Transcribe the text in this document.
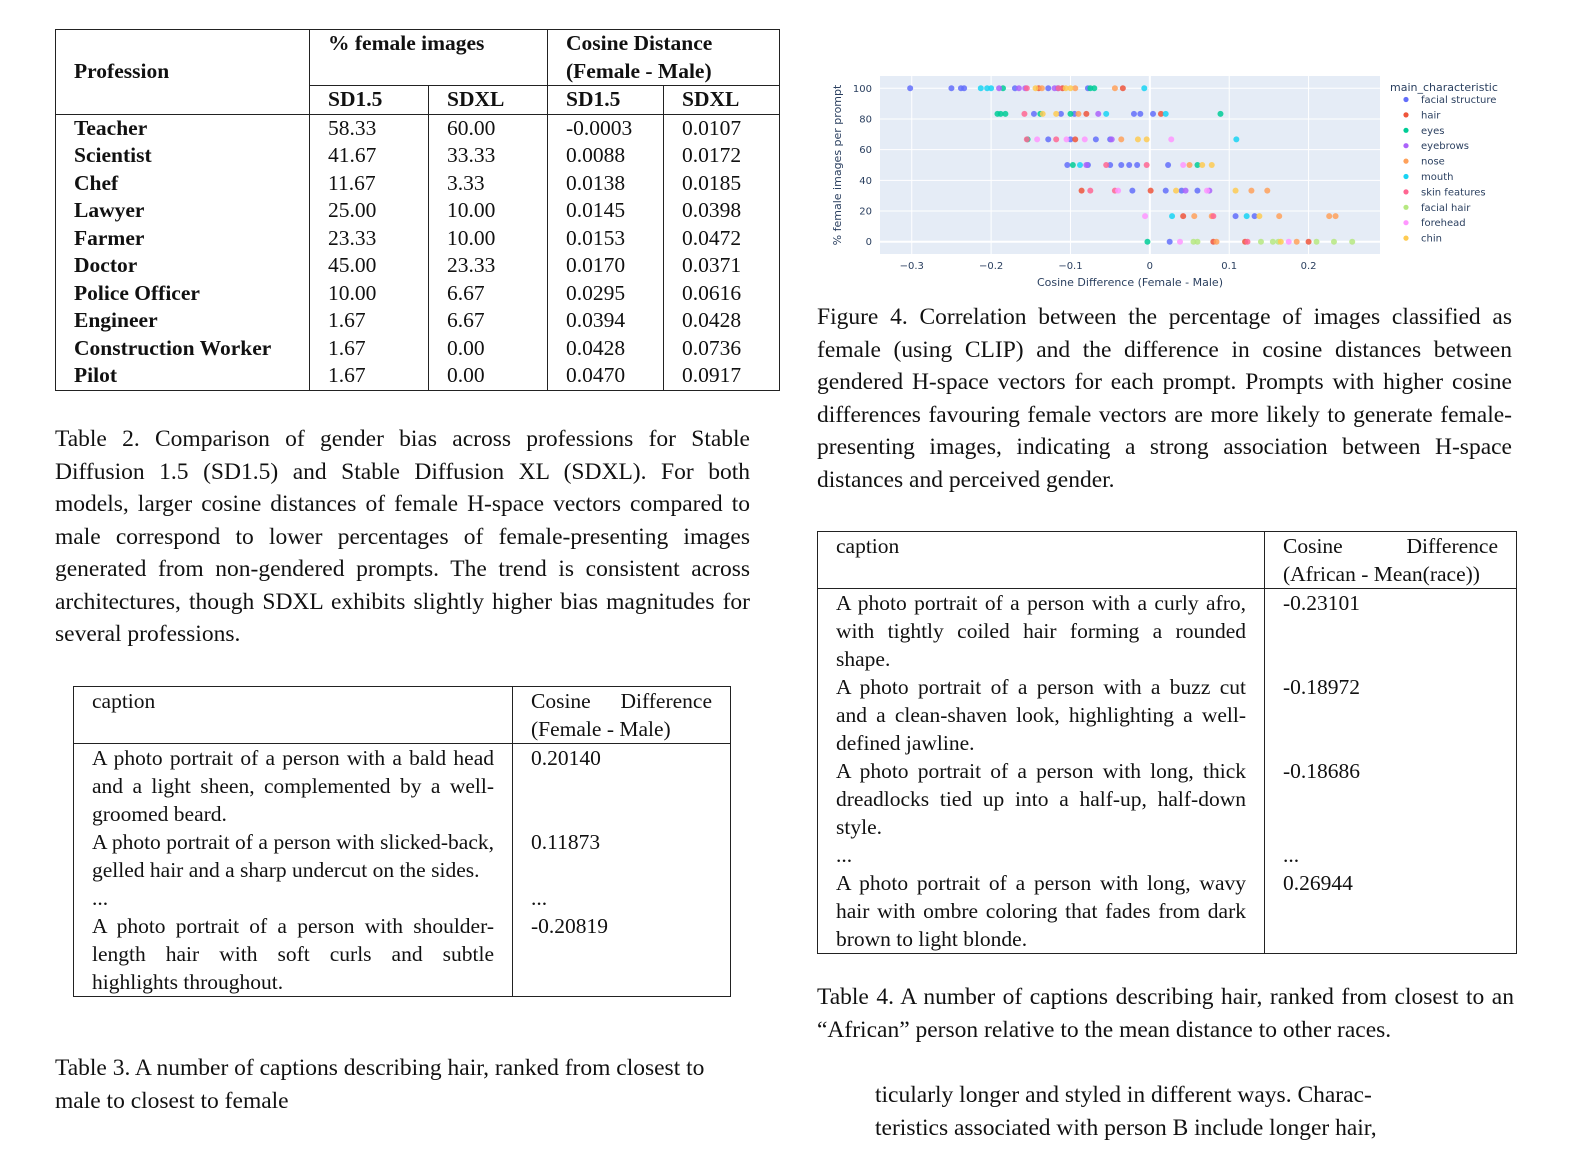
Profession	% female images		Cosine Distance
(Female - Male)	
	SD1.5	SDXL	SD1.5	SDXL
Teacher	58.33	60.00	-0.0003	0.0107
Scientist	41.67	33.33	0.0088	0.0172
Chef	11.67	3.33	0.0138	0.0185
Lawyer	25.00	10.00	0.0145	0.0398
Farmer	23.33	10.00	0.0153	0.0472
Doctor	45.00	23.33	0.0170	0.0371
Police Officer	10.00	6.67	0.0295	0.0616
Engineer	1.67	6.67	0.0394	0.0428
Construction Worker	1.67	0.00	0.0428	0.0736
Pilot	1.67	0.00	0.0470	0.0917
Table 2. Comparison of gender bias across professions for Stable Diffusion 1.5 (SD1.5) and Stable Diffusion XL (SDXL). For both models, larger cosine distances of female H-space vectors compared to male correspond to lower percentages of female-presenting images generated from non-gendered prompts. The trend is consistent across architectures, though SDXL exhibits slightly higher bias magnitudes for several professions.
caption	Cosine Difference
(Female - Male)

A photo portrait of a person with a bald head and a light sheen, complemented by a well-groomed beard.	0.20140
A photo portrait of a person with slicked-back, gelled hair and a sharp undercut on the sides.	0.11873
...	...
A photo portrait of a person with shoulder-length hair with soft curls and subtle highlights throughout.	-0.20819
Table 3. A number of captions describing hair, ranked from closest to male to closest to female
−0.3	−0.2	−0.1	0	0.1	0.2
0
20
40
60
80
100
Cosine Difference (Female - Male)
% female images per prompt	main_characteristic
facial structure
hair
eyes
eyebrows
nose
mouth
skin features
facial hair
forehead
chin
Figure 4. Correlation between the percentage of images classified as female (using CLIP) and the difference in cosine distances between gendered H-space vectors for each prompt. Prompts with higher cosine differences favouring female vectors are more likely to generate female-presenting images, indicating a strong association between H-space distances and perceived gender.
caption	Cosine Difference
(African - Mean(race))

A photo portrait of a person with a curly afro, with tightly coiled hair forming a rounded shape.	-0.23101
A photo portrait of a person with a buzz cut and a clean-shaven look, highlighting a well-defined jawline.	-0.18972
A photo portrait of a person with long, thick dreadlocks tied up into a half-up, half-down style.	-0.18686
...	...
A photo portrait of a person with long, wavy hair with ombre coloring that fades from dark brown to light blonde.	0.26944
Table 4. A number of captions describing hair, ranked from closest to an “African” person relative to the mean distance to other races.
ticularly longer and styled in different ways. Charac-
teristics associated with person B include longer hair,
